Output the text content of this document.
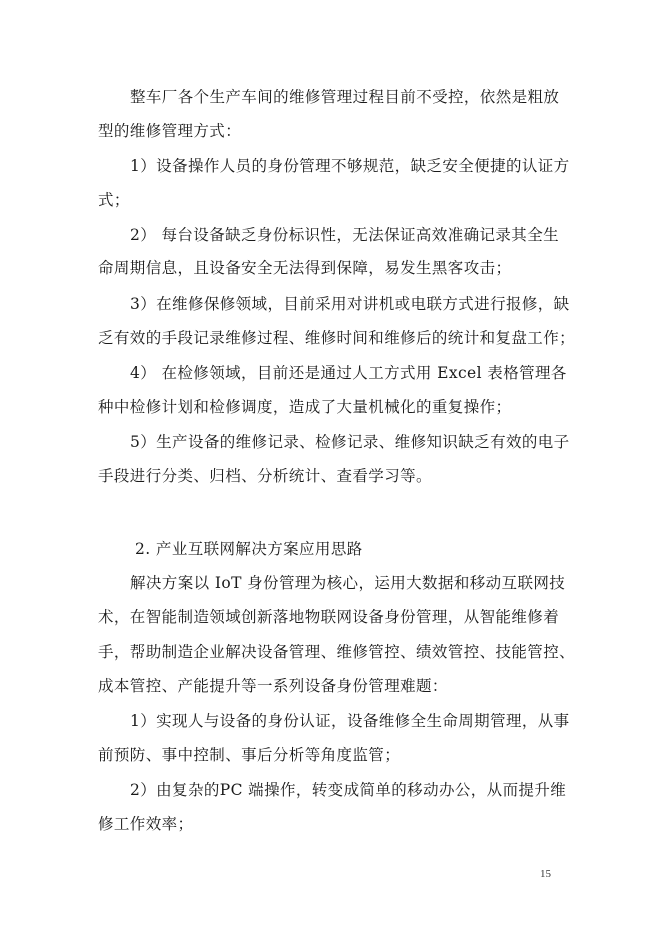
整车厂各个生产车间的维修管理过程目前不受控，依然是粗放
型的维修管理方式：
1）设备操作人员的身份管理不够规范，缺乏安全便捷的认证方
式；
2） 每台设备缺乏身份标识性，无法保证高效准确记录其全生
命周期信息，且设备安全无法得到保障，易发生黑客攻击；
3）在维修保修领域，目前采用对讲机或电联方式进行报修，缺
乏有效的手段记录维修过程、维修时间和维修后的统计和复盘工作；
4） 在检修领域，目前还是通过人工方式用 Excel 表格管理各
种中检修计划和检修调度，造成了大量机械化的重复操作；
5）生产设备的维修记录、检修记录、维修知识缺乏有效的电子
手段进行分类、归档、分析统计、查看学习等。
2. 产业互联网解决方案应用思路
解决方案以 IoT 身份管理为核心，运用大数据和移动互联网技
术，在智能制造领域创新落地物联网设备身份管理，从智能维修着
手，帮助制造企业解决设备管理、维修管控、绩效管控、技能管控、
成本管控、产能提升等一系列设备身份管理难题：
1）实现人与设备的身份认证，设备维修全生命周期管理，从事
前预防、事中控制、事后分析等角度监管；
2）由复杂的PC 端操作，转变成简单的移动办公，从而提升维
修工作效率；
15
